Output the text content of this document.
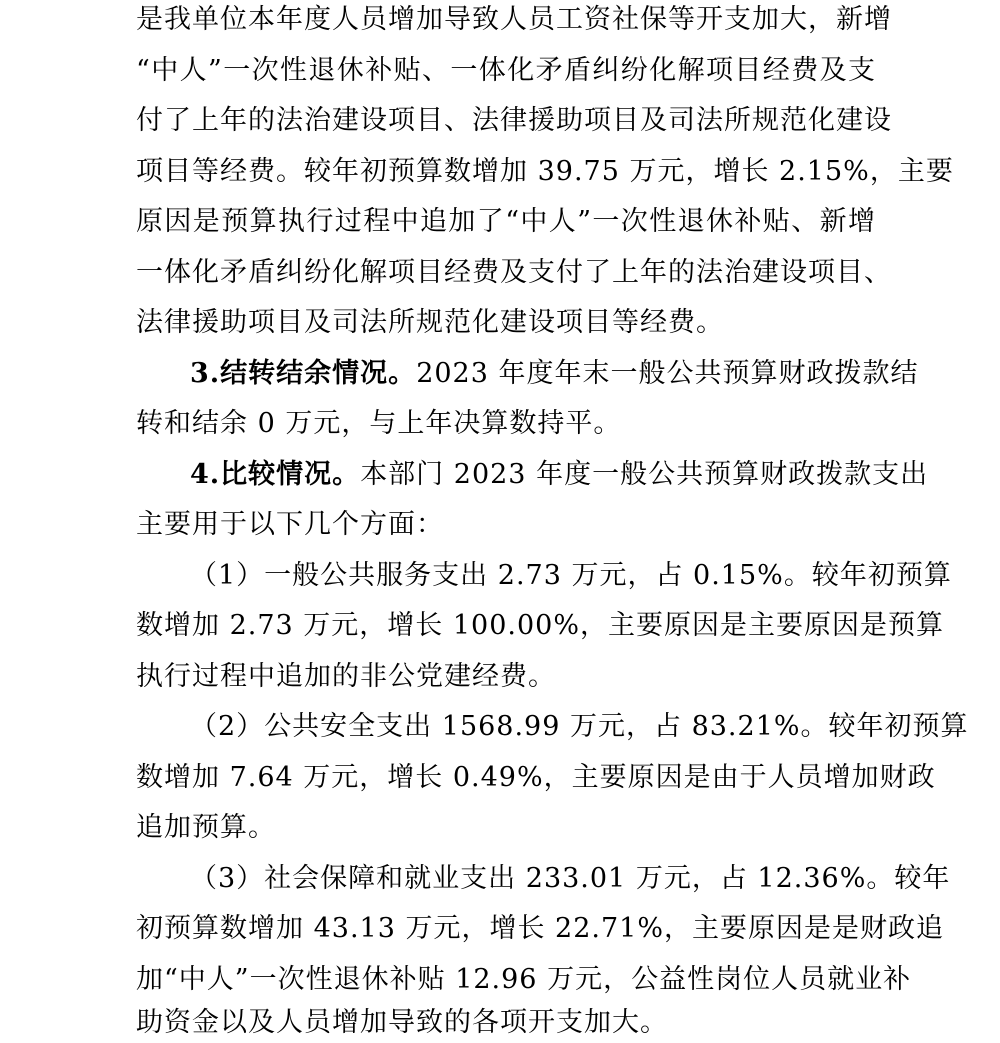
是我单位本年度人员增加导致人员工资社保等开支加大，新增
“中人”一次性退休补贴、一体化矛盾纠纷化解项目经费及支
付了上年的法治建设项目、法律援助项目及司法所规范化建设
项目等经费。较年初预算数增加 39.75 万元，增长 2.15%，主要
原因是预算执行过程中追加了“中人”一次性退休补贴、新增
一体化矛盾纠纷化解项目经费及支付了上年的法治建设项目、
法律援助项目及司法所规范化建设项目等经费。
3.结转结余情况。2023 年度年末一般公共预算财政拨款结
转和结余 0 万元，与上年决算数持平。
4.比较情况。本部门 2023 年度一般公共预算财政拨款支出
主要用于以下几个方面：
（1）一般公共服务支出 2.73 万元，占 0.15%。较年初预算
数增加 2.73 万元，增长 100.00%，主要原因是主要原因是预算
执行过程中追加的非公党建经费。
（2）公共安全支出 1568.99 万元，占 83.21%。较年初预算
数增加 7.64 万元，增长 0.49%，主要原因是由于人员增加财政
追加预算。
（3）社会保障和就业支出 233.01 万元，占 12.36%。较年
初预算数增加 43.13 万元，增长 22.71%，主要原因是是财政追
加“中人”一次性退休补贴 12.96 万元，公益性岗位人员就业补
助资金以及人员增加导致的各项开支加大。
